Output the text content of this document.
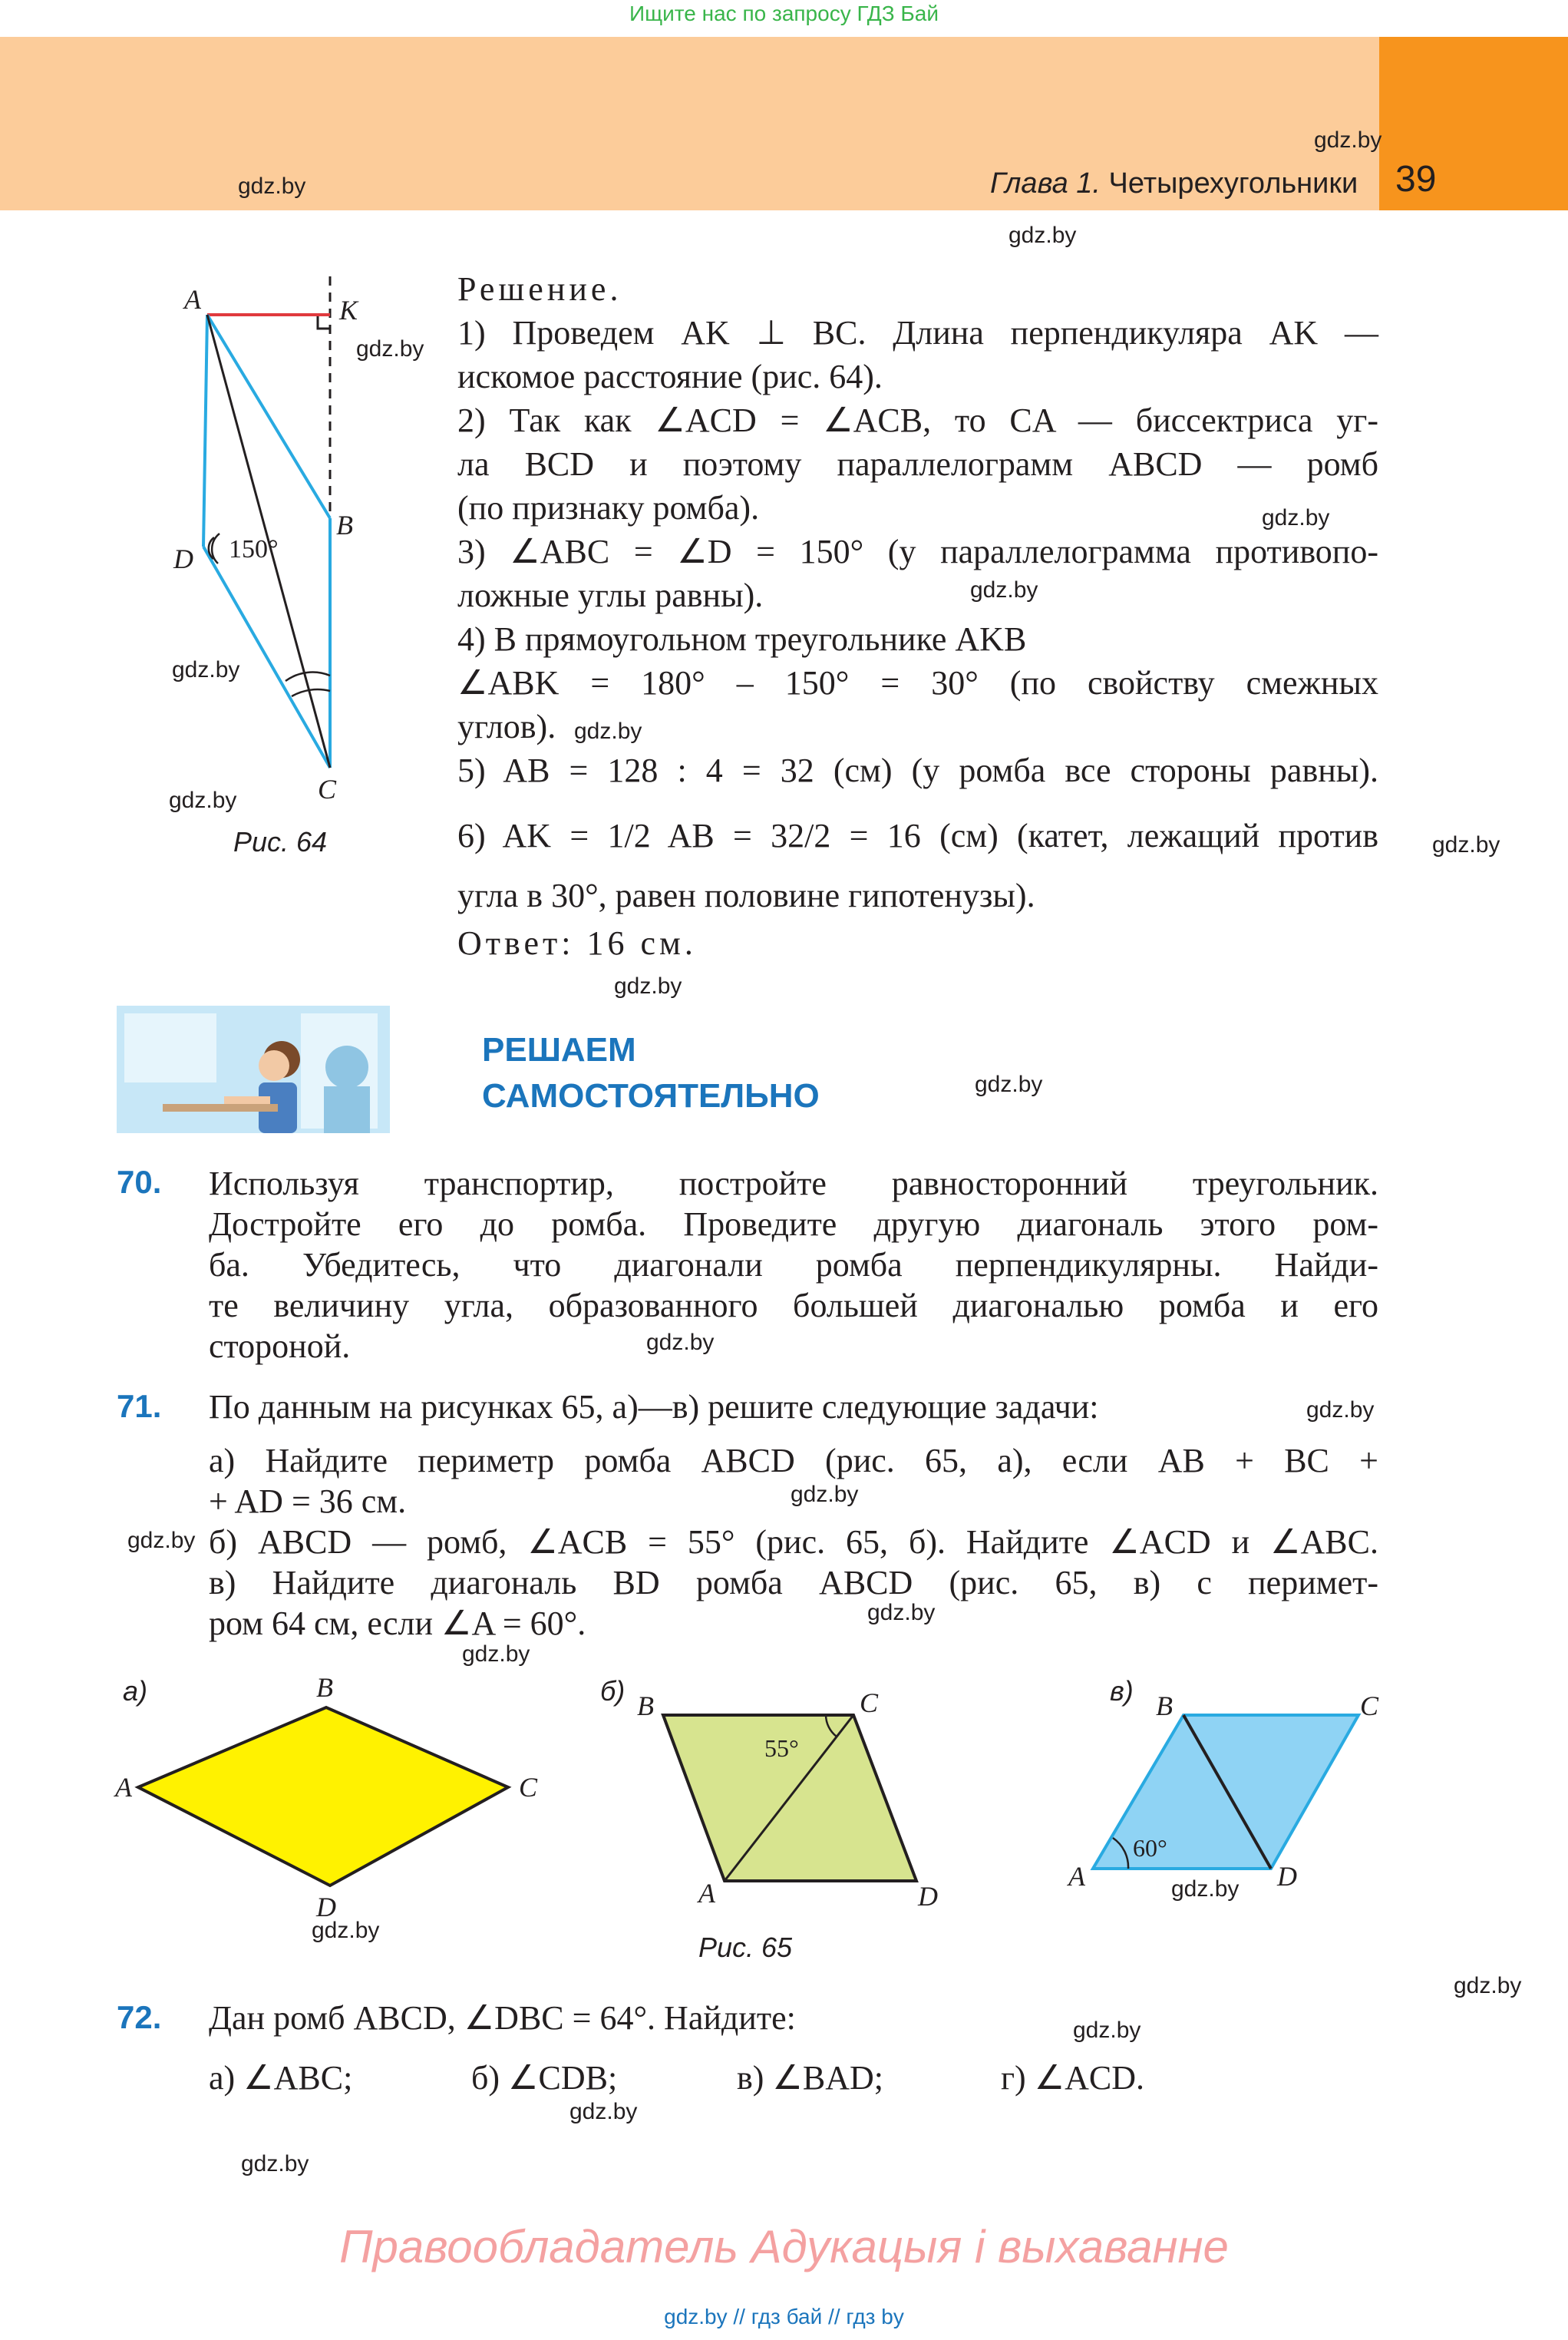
Ищите нас по запросу ГДЗ Бай
Глава 1. Четырехугольники 39
gdz.by
gdz.by
gdz.by
gdz.by
gdz.by
gdz.by
gdz.by
gdz.by
gdz.by
gdz.by
gdz.by
gdz.by
gdz.by
gdz.by
gdz.by
gdz.by
gdz.by
gdz.by
gdz.by
gdz.by
gdz.by
gdz.by
gdz.by
gdz.by
A	K
B
D
C
150°
Рис. 64
Решение.
1) Проведем AK ⊥ BC. Длина перпендикуляра AK —
искомое расстояние (рис. 64).
2) Так как ∠ACD = ∠ACB, то CA — биссектриса уг-
ла BCD и поэтому параллелограмм ABCD — ромб
(по признаку ромба).
3) ∠ABC = ∠D = 150° (у параллелограмма противопо-
ложные углы равны).
4) В прямоугольном треугольнике AKB
∠ABK = 180° – 150° = 30° (по свойству смежных
углов).
5) AB = 128 : 4 = 32 (см) (у ромба все стороны равны).
6) AK = 1/2 AB = 32/2 = 16 (см) (катет, лежащий против
угла в 30°, равен половине гипотенузы).
Ответ: 16 см.
РЕШАЕМ
САМОСТОЯТЕЛЬНО
70. Используя транспортир, постройте равносторонний треугольник.
Достройте его до ромба. Проведите другую диагональ этого ром-
ба. Убедитесь, что диагонали ромба перпендикулярны. Найди-
те величину угла, образованного большей диагональю ромба и его
стороной.
71. По данным на рисунках 65, а)—в) решите следующие задачи:
а) Найдите периметр ромба ABCD (рис. 65, а), если AB + BC +
+ AD = 36 см.
б) ABCD — ромб, ∠ACB = 55° (рис. 65, б). Найдите ∠ACD и ∠ABC.
в) Найдите диагональ BD ромба ABCD (рис. 65, в) с перимет-
ром 64 см, если ∠A = 60°.
а)	B
A	C
D
б) B	C
A	D
55°
Рис. 65
в) B	C
A	D
60°
72. Дан ромб ABCD, ∠DBC = 64°. Найдите:
а) ∠ABC;	б) ∠CDB;	в) ∠BAD;	г) ∠ACD.
Правообладатель Адукацыя і выхаванне
gdz.by // гдз бай // гдз by
